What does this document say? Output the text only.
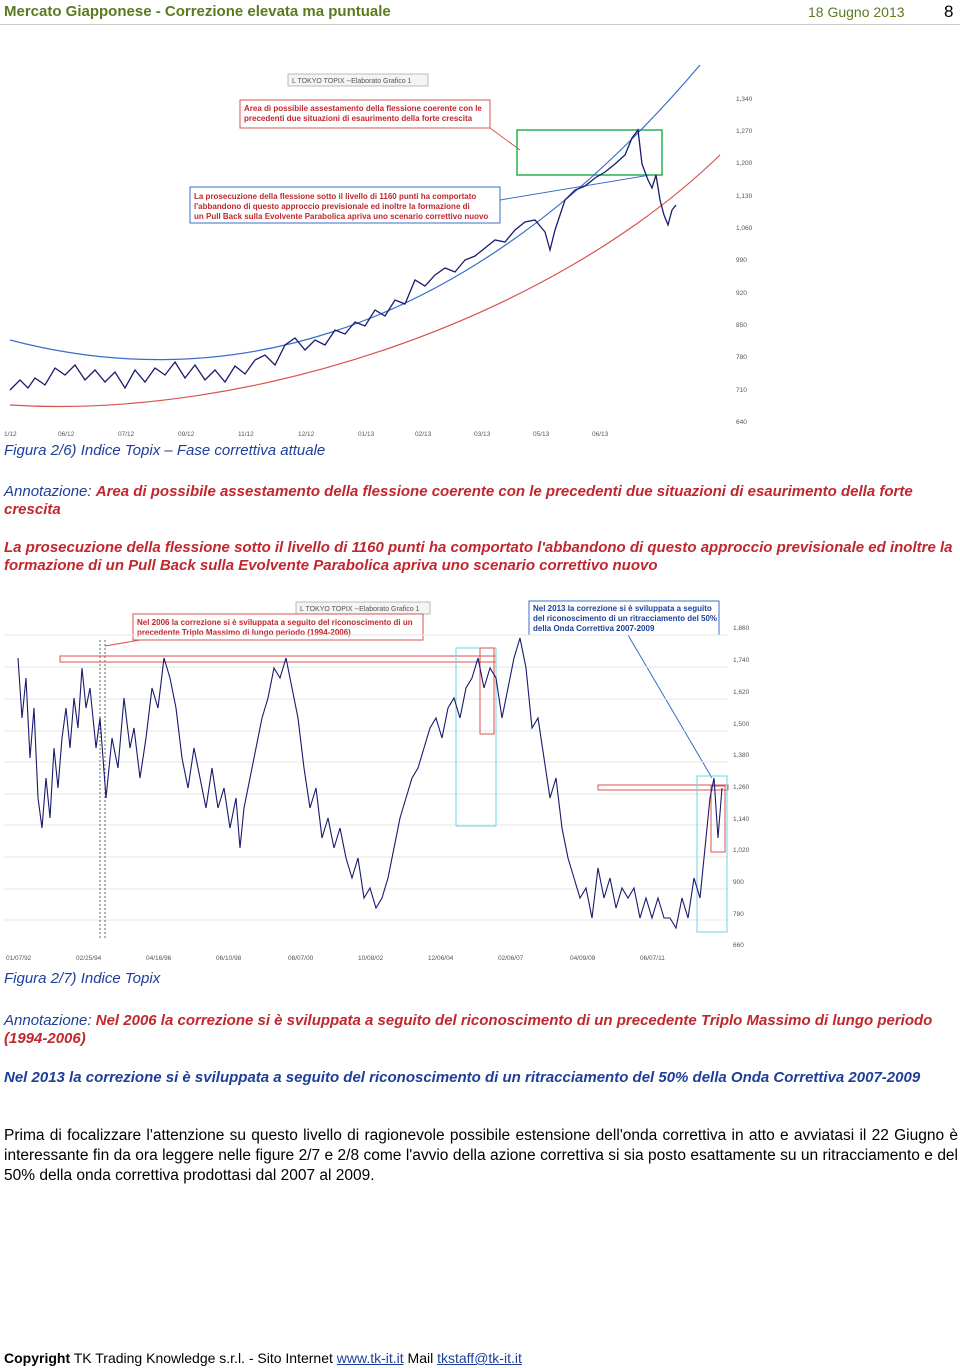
Mercato Giapponese - Correzione elevata ma puntuale	18 Gugno 2013 8
L TOKYO TOPIX --Elaborato Grafico 1
Area di possibile assestamento della flessione coerente con le
precedenti due situazioni di esaurimento della forte crescita
La prosecuzione della flessione sotto il livello di 1160 punti ha comportato
l'abbandono di questo approccio previsionale ed inoltre la formazione di
un Pull Back sulla Evolvente Parabolica apriva uno scenario correttivo nuovo
1,340
1,270
1,200
1,130
1,060
990
920
850
780
710
640
1/12	06/12	07/12	09/12	11/12	12/12	01/13	02/13	03/13	05/13	06/13
Figura 2/6) Indice Topix – Fase correttiva attuale
Annotazione: Area di possibile assestamento della flessione coerente con le precedenti due situazioni di esaurimento della forte crescita
La prosecuzione della flessione sotto il livello di 1160 punti ha comportato l'abbandono di questo approccio previsionale ed inoltre la formazione di un Pull Back sulla Evolvente Parabolica apriva uno scenario correttivo nuovo
L TOKYO TOPIX --Elaborato Grafico 1
Nel 2006 la correzione si è sviluppata a seguito del riconoscimento di un
precedente Triplo Massimo di lungo periodo (1994-2006)
Nel 2013 la correzione si è sviluppata a seguito
del riconoscimento di un ritracciamento del 50%
della Onda Correttiva 2007-2009	1,860
1,740
1,620
1,500
1,380
1,260
1,140
1,020
900
780
660
01/07/92	02/25/94	04/16/96	06/10/98	08/07/00	10/08/02	12/06/04	02/06/07	04/09/09	06/07/11
Figura 2/7) Indice Topix
Annotazione: Nel 2006 la correzione si è sviluppata a seguito del riconoscimento di un precedente Triplo Massimo di lungo periodo (1994-2006)
Nel 2013 la correzione si è sviluppata a seguito del riconoscimento di un ritracciamento del 50% della Onda Correttiva 2007-2009
Prima di focalizzare l'attenzione su questo livello di ragionevole possibile estensione dell'onda correttiva in atto e avviatasi il 22 Giugno è interessante fin da ora leggere nelle figure 2/7 e 2/8 come l'avvio della azione correttiva si sia posto esattamente su un ritracciamento e del 50% della onda correttiva prodottasi dal 2007 al 2009.
Copyright TK Trading Knowledge s.r.l. - Sito Internet www.tk-it.it Mail tkstaff@tk-it.it
